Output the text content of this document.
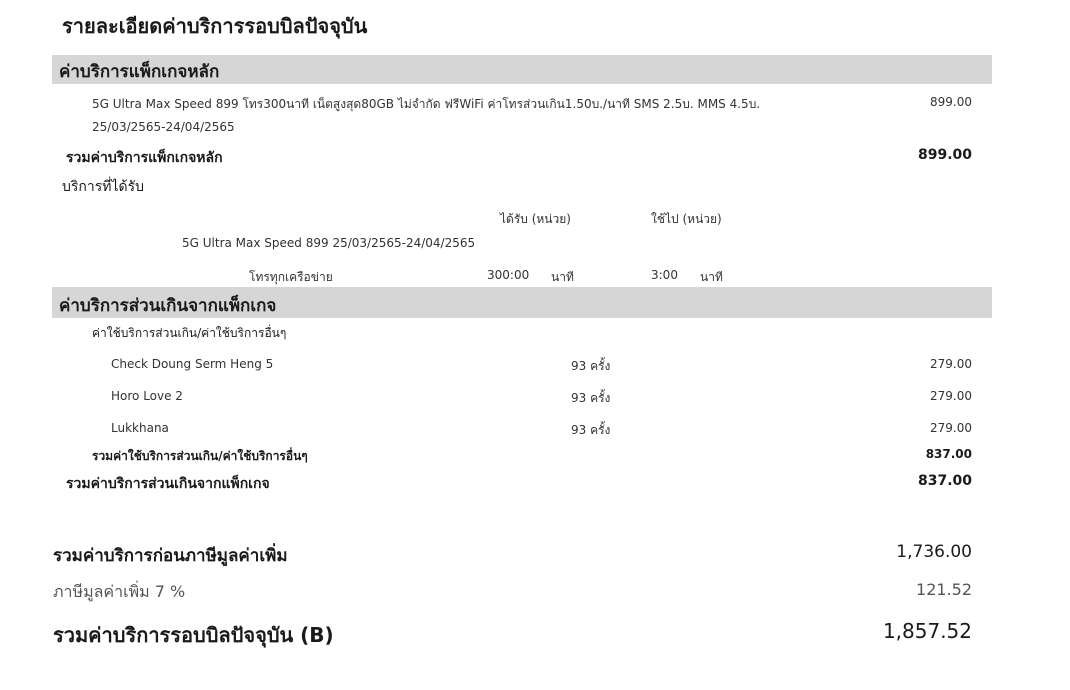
รายละเอียดค่าบริการรอบบิลปัจจุบัน
ค่าบริการแพ็กเกจหลัก
5G Ultra Max Speed 899 โทร300นาที เน็ตสูงสุด80GB ไม่จำกัด ฟรีWiFi ค่าโทรส่วนเกิน1.50บ./นาที SMS 2.5บ. MMS 4.5บ.	899.00
25/03/2565-24/04/2565
รวมค่าบริการแพ็กเกจหลัก	899.00
บริการที่ได้รับ
ได้รับ (หน่วย)	ใช้ไป (หน่วย)
5G Ultra Max Speed 899 25/03/2565-24/04/2565
โทรทุกเครือข่าย	300:00 นาที	3:00 นาที
ค่าบริการส่วนเกินจากแพ็กเกจ
ค่าใช้บริการส่วนเกิน/ค่าใช้บริการอื่นๆ
Check Doung Serm Heng 5	93 ครั้ง	279.00
Horo Love 2	93 ครั้ง	279.00
Lukkhana	93 ครั้ง	279.00
รวมค่าใช้บริการส่วนเกิน/ค่าใช้บริการอื่นๆ	837.00
รวมค่าบริการส่วนเกินจากแพ็กเกจ	837.00
รวมค่าบริการก่อนภาษีมูลค่าเพิ่ม	1,736.00
ภาษีมูลค่าเพิ่ม 7 %	121.52
รวมค่าบริการรอบบิลปัจจุบัน (B)	1,857.52
